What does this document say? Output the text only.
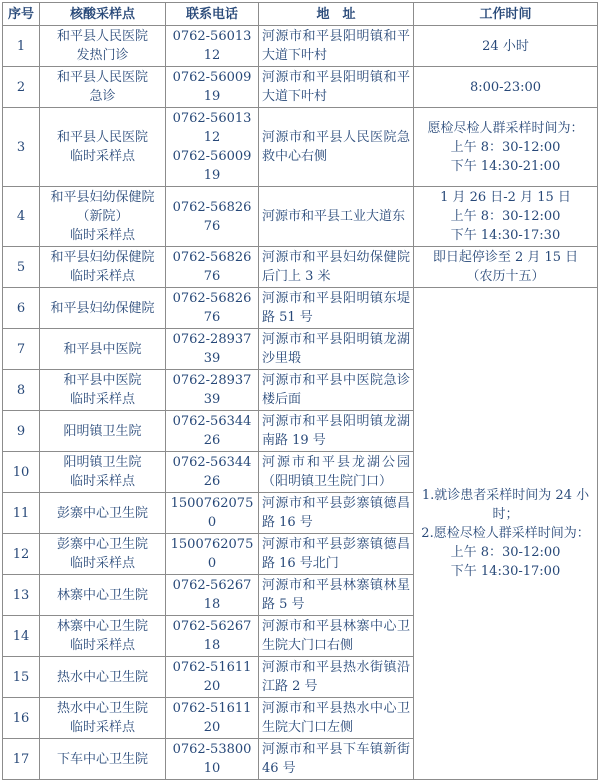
序号	核酸采样点	联系电话	地　址	工作时间

1	和平县人民医院
发热门诊	0762-5601312	河源市和平县阳明镇和平大道下叶村	24 小时

2	和平县人民医院
急诊	0762-5600919	河源市和平县阳明镇和平大道下叶村	8:00-23:00

3	和平县人民医院
临时采样点	0762-5601312
0762-5600919	河源市和平县人民医院急救中心右侧	愿检尽检人群采样时间为：
上午 8：30-12:00
下午 14:30-21:00

4	和平县妇幼保健院
（新院）
临时采样点	0762-5682676	河源市和平县工业大道东	1 月 26 日-2 月 15 日
上午 8：30-12:00
下午 14:30-17:30

5	和平县妇幼保健院
临时采样点	0762-5682676	河源市和平县妇幼保健院后门上 3 米	即日起停诊至 2 月 15 日
（农历十五）

6	和平县妇幼保健院	0762-5682676	河源市和平县阳明镇东堤路 51 号	1.就诊患者采样时间为 24 小时；
2.愿检尽检人群采样时间为：
上午 8：30-12:00
下午 14:30-17:00

7	和平县中医院	0762-2893739	河源市和平县阳明镇龙湖沙里塅	

8	和平县中医院
临时采样点	0762-2893739	河源市和平县中医院急诊楼后面	

9	阳明镇卫生院	0762-5634426	河源市和平县阳明镇龙湖南路 19 号	

10	阳明镇卫生院
临时采样点	0762-5634426	河源市和平县龙湖公园（阳明镇卫生院门口）	

11	彭寨中心卫生院	15007620750	河源市和平县彭寨镇德昌路 16 号	

12	彭寨中心卫生院
临时采样点	15007620750	河源市和平县彭寨镇德昌路 16 号北门	

13	林寨中心卫生院	0762-5626718	河源市和平县林寨镇林星路 5 号	

14	林寨中心卫生院
临时采样点	0762-5626718	河源市和平县林寨中心卫生院大门口右侧	

15	热水中心卫生院	0762-5161120	河源市和平县热水街镇沿江路 2 号	

16	热水中心卫生院
临时采样点	0762-5161120	河源市和平县热水中心卫生院大门口左侧	

17	下车中心卫生院	0762-5380010	河源市和平县下车镇新街 46 号	
